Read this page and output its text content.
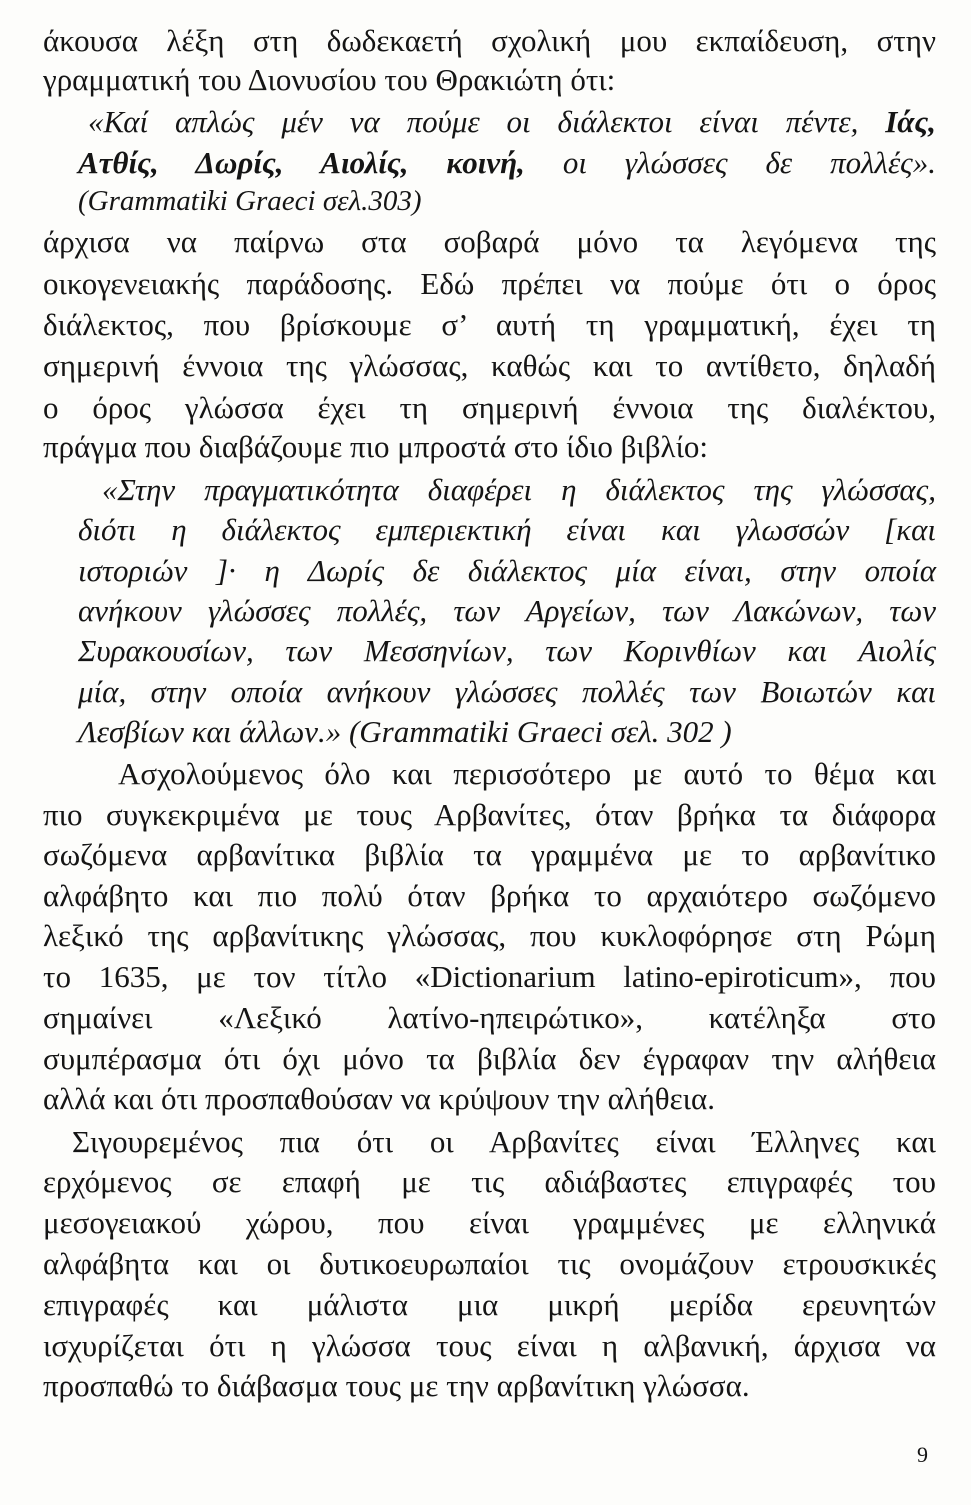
άκουσα λέξη στη δωδεκαετή σχολική μου εκπαίδευση, στην
γραμματική του Διονυσίου του Θρακιώτη ότι:
«Καί απλώς μέν να πούμε οι διάλεκτοι είναι πέντε, Ιάς,
Ατθίς, Δωρίς, Αιολίς, κοινή, οι γλώσσες δε πολλές».
(Grammatiki Graeci σελ.303)
άρχισα να παίρνω στα σοβαρά μόνο τα λεγόμενα της
οικογενειακής παράδοσης. Εδώ πρέπει να πούμε ότι ο όρος
διάλεκτος, που βρίσκουμε σ’ αυτή τη γραμματική, έχει τη
σημερινή έννοια της γλώσσας, καθώς και το αντίθετο, δηλαδή
ο όρος γλώσσα έχει τη σημερινή έννοια της διαλέκτου,
πράγμα που διαβάζουμε πιο μπροστά στο ίδιο βιβλίο:
«Στην πραγματικότητα διαφέρει η διάλεκτος της γλώσσας,
διότι η διάλεκτος εμπεριεκτική είναι και γλωσσών [και
ιστοριών ]· η Δωρίς δε διάλεκτος μία είναι, στην οποία
ανήκουν γλώσσες πολλές, των Αργείων, των Λακώνων, των
Συρακουσίων, των Μεσσηνίων, των Κορινθίων και Αιολίς
μία, στην οποία ανήκουν γλώσσες πολλές των Βοιωτών και
Λεσβίων και άλλων.» (Grammatiki Graeci σελ. 302 )
Ασχολούμενος όλο και περισσότερο με αυτό το θέμα και
πιο συγκεκριμένα με τους Αρβανίτες, όταν βρήκα τα διάφορα
σωζόμενα αρβανίτικα βιβλία τα γραμμένα με το αρβανίτικο
αλφάβητο και πιο πολύ όταν βρήκα το αρχαιότερο σωζόμενο
λεξικό της αρβανίτικης γλώσσας, που κυκλοφόρησε στη Ρώμη
το 1635, με τον τίτλο «Dictionarium latino-epiroticum», που
σημαίνει «Λεξικό λατίνο-ηπειρώτικο», κατέληξα στο
συμπέρασμα ότι όχι μόνο τα βιβλία δεν έγραφαν την αλήθεια
αλλά και ότι προσπαθούσαν να κρύψουν την αλήθεια.
Σιγουρεμένος πια ότι οι Αρβανίτες είναι Έλληνες και
ερχόμενος σε επαφή με τις αδιάβαστες επιγραφές του
μεσογειακού χώρου, που είναι γραμμένες με ελληνικά
αλφάβητα και οι δυτικοευρωπαίοι τις ονομάζουν ετρουσκικές
επιγραφές και μάλιστα μια μικρή μερίδα ερευνητών
ισχυρίζεται ότι η γλώσσα τους είναι η αλβανική, άρχισα να
προσπαθώ το διάβασμα τους με την αρβανίτικη γλώσσα.
9
